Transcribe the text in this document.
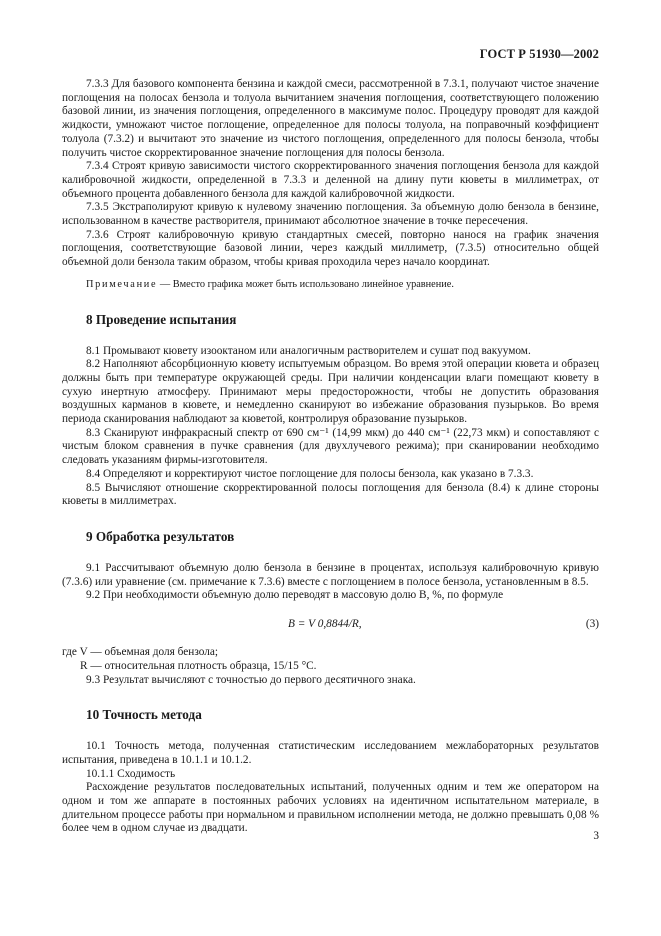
ГОСТ Р 51930—2002

7.3.3 Для базового компонента бензина и каждой смеси, рассмотренной в 7.3.1, получают чистое значение поглощения на полосах бензола и толуола вычитанием значения поглощения, соответствующего положению базовой линии, из значения поглощения, определенного в максимуме полос. Процедуру проводят для каждой жидкости, умножают чистое поглощение, определенное для полосы толуола, на поправочный коэффициент толуола (7.3.2) и вычитают это значение из чистого поглощения, определенного для полосы бензола, чтобы получить чистое скорректированное значение поглощения для полосы бензола.

7.3.4 Строят кривую зависимости чистого скорректированного значения поглощения бензола для каждой калибровочной жидкости, определенной в 7.3.3 и деленной на длину пути кюветы в миллиметрах, от объемного процента добавленного бензола для каждой калибровочной жидкости.

7.3.5 Экстраполируют кривую к нулевому значению поглощения. За объемную долю бензола в бензине, использованном в качестве растворителя, принимают абсолютное значение в точке пересечения.

7.3.6 Строят калибровочную кривую стандартных смесей, повторно нанося на график значения поглощения, соответствующие базовой линии, через каждый миллиметр, (7.3.5) относительно общей объемной доли бензола таким образом, чтобы кривая проходила через начало координат.

Примечание — Вместо графика может быть использовано линейное уравнение.

8 Проведение испытания

8.1 Промывают кювету изооктаном или аналогичным растворителем и сушат под вакуумом.

8.2 Наполняют абсорбционную кювету испытуемым образцом. Во время этой операции кювета и образец должны быть при температуре окружающей среды. При наличии конденсации влаги помещают кювету в сухую инертную атмосферу. Принимают меры предосторожности, чтобы не допустить образования воздушных карманов в кювете, и немедленно сканируют во избежание образования пузырьков. Во время периода сканирования наблюдают за кюветой, контролируя образование пузырьков.

8.3 Сканируют инфракрасный спектр от 690 см⁻¹ (14,99 мкм) до 440 см⁻¹ (22,73 мкм) и сопоставляют с чистым блоком сравнения в пучке сравнения (для двухлучевого режима); при сканировании необходимо следовать указаниям фирмы-изготовителя.

8.4 Определяют и корректируют чистое поглощение для полосы бензола, как указано в 7.3.3.

8.5 Вычисляют отношение скорректированной полосы поглощения для бензола (8.4) к длине стороны кюветы в миллиметрах.

9 Обработка результатов

9.1 Рассчитывают объемную долю бензола в бензине в процентах, используя калибровочную кривую (7.3.6) или уравнение (см. примечание к 7.3.6) вместе с поглощением в полосе бензола, установленным в 8.5.

9.2 При необходимости объемную долю переводят в массовую долю B, %, по формуле

B = V 0,8844/R,	(3)
где V — объемная доля бензола;
R — относительная плотность образца, 15/15 °С.

9.3 Результат вычисляют с точностью до первого десятичного знака.

10 Точность метода

10.1 Точность метода, полученная статистическим исследованием межлабораторных результатов испытания, приведена в 10.1.1 и 10.1.2.

10.1.1 Сходимость

Расхождение результатов последовательных испытаний, полученных одним и тем же оператором на одном и том же аппарате в постоянных рабочих условиях на идентичном испытательном материале, в длительном процессе работы при нормальном и правильном исполнении метода, не должно превышать 0,08 % более чем в одном случае из двадцати.

3
